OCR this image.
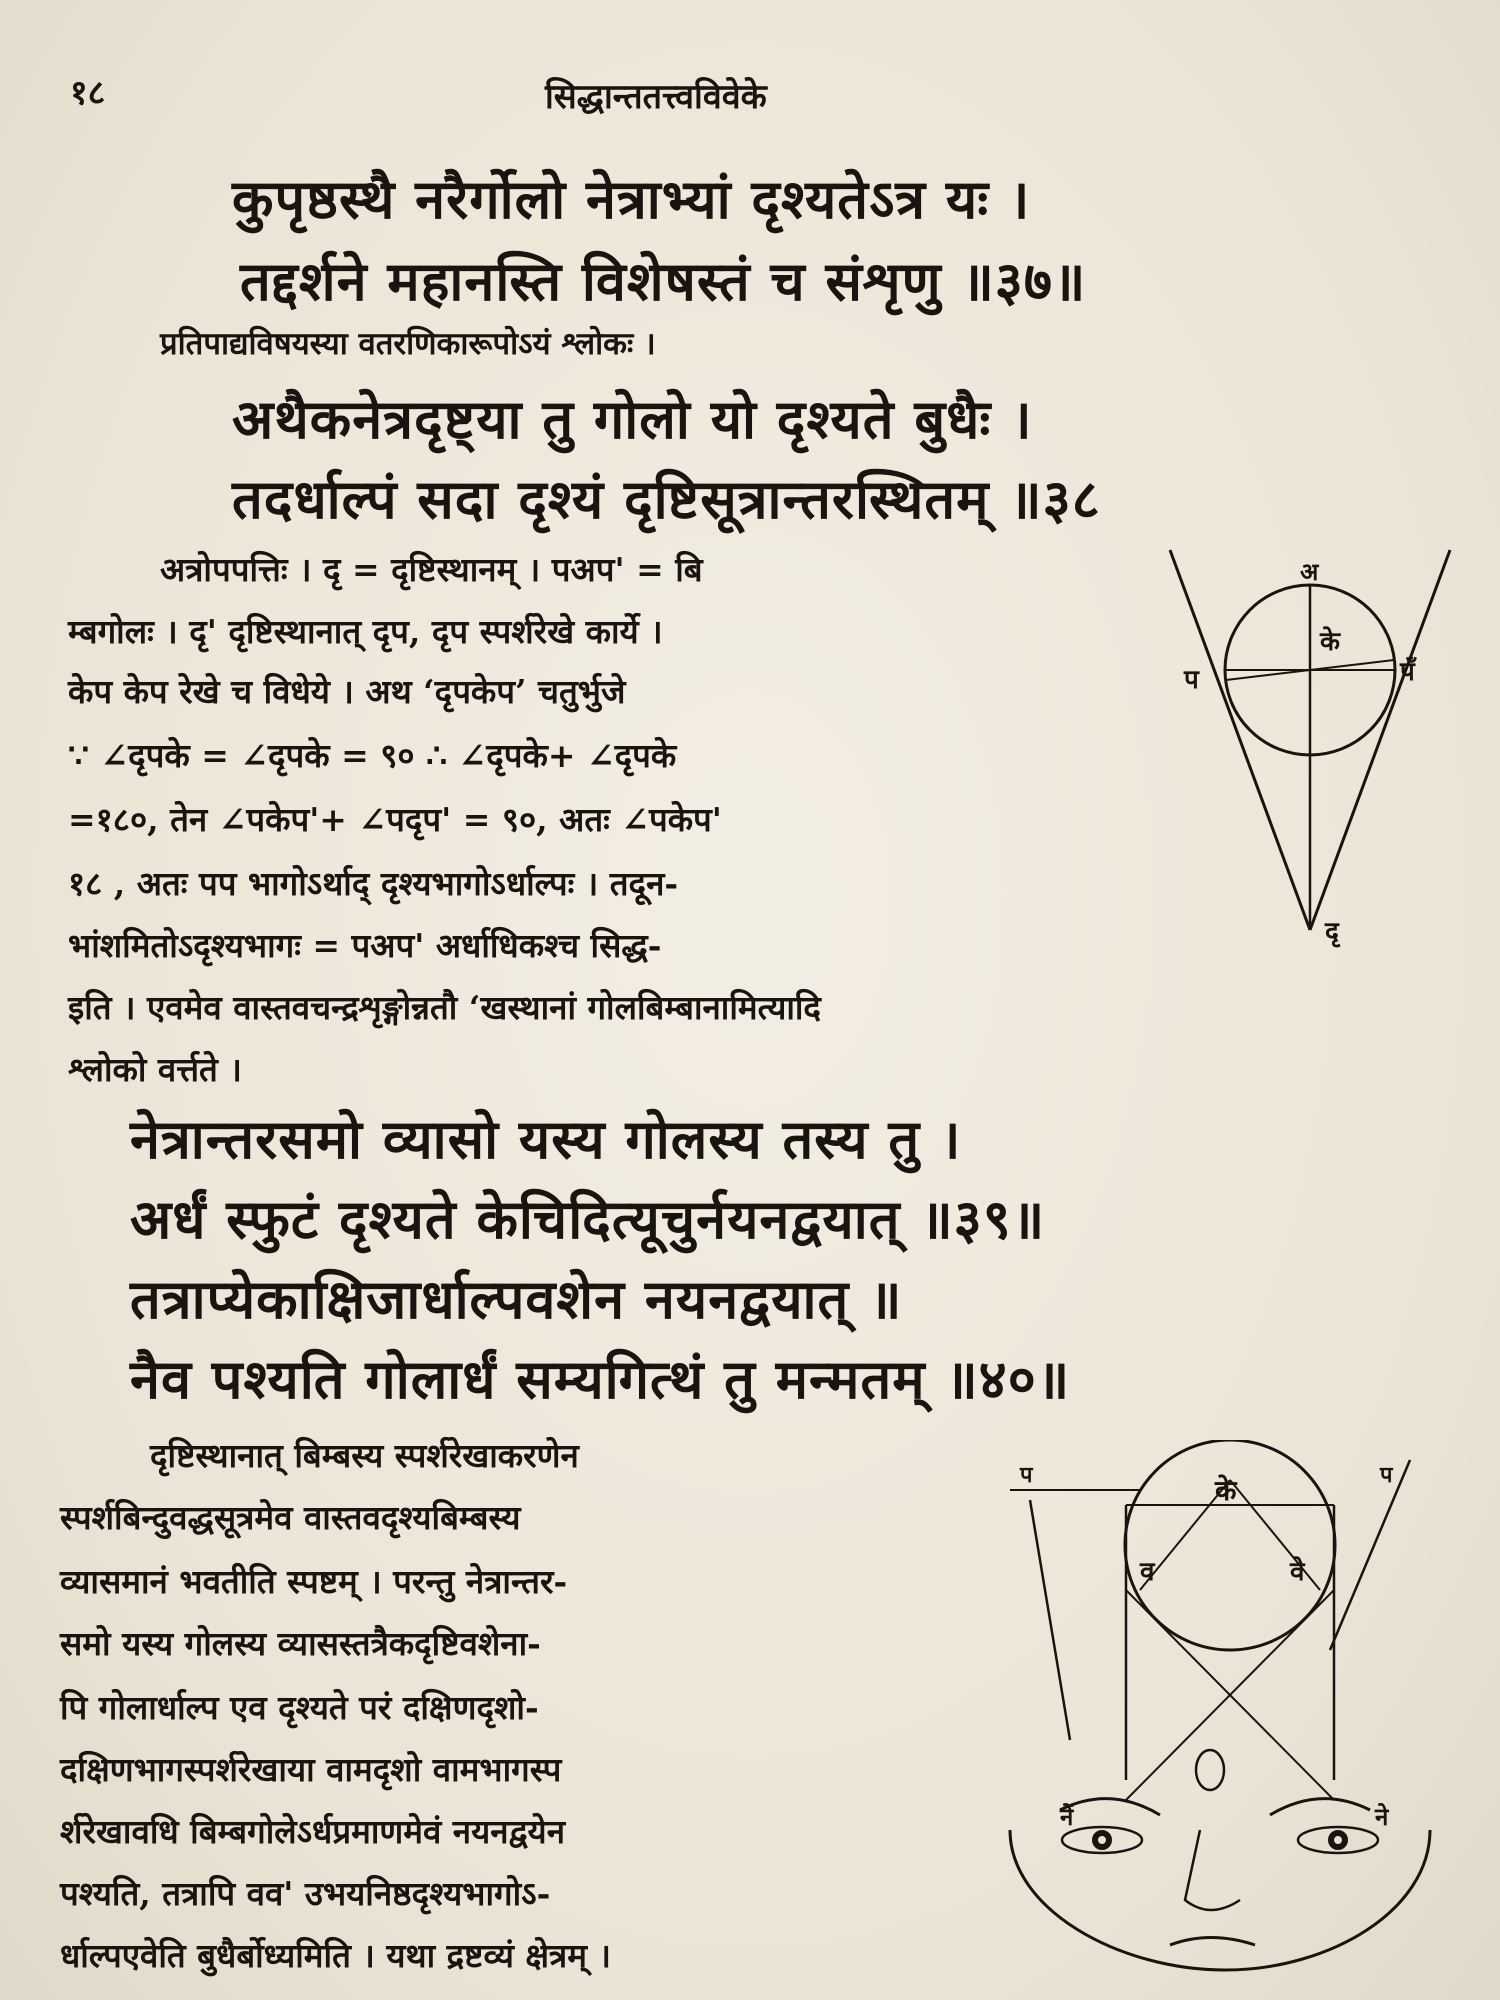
१८	सिद्धान्ततत्त्वविवेके
कुपृष्ठस्थै नरैर्गोलो नेत्राभ्यां दृश्यतेऽत्र यः ।
तद्दर्शने महानस्ति विशेषस्तं च संशृणु ॥३७॥
प्रतिपाद्यविषयस्या वतरणिकारूपोऽयं श्लोकः ।
अथैकनेत्रदृष्ट्या तु गोलो यो दृश्यते बुधैः ।
तदर्धाल्पं सदा दृश्यं दृष्टिसूत्रान्तरस्थितम् ॥३८
अत्रोपपत्तिः । दृ = दृष्टिस्थानम् । पअप' = बि
म्बगोलः । दृ' दृष्टिस्थानात् दृप, दृप स्पर्शरेखे कार्ये ।
केप केप रेखे च विधेये । अथ ‘दृपकेप’ चतुर्भुजे
∵ ∠दृपके = ∠दृपके = ९० ∴ ∠दृपके+ ∠दृपके
=१८०, तेन ∠पकेप'+ ∠पदृप' = ९०, अतः ∠पकेप'
१८ , अतः पप भागोऽर्थाद् दृश्यभागोऽर्धाल्पः । तदून-
भांशमितोऽदृश्यभागः = पअप' अर्धाधिकश्च सिद्ध-
इति । एवमेव वास्तवचन्द्रशृङ्गोन्नतौ ‘खस्थानां गोलबिम्बानामित्यादि
श्लोको वर्त्तते ।
नेत्रान्तरसमो व्यासो यस्य गोलस्य तस्य तु ।
अर्धं स्फुटं दृश्यते केचिदित्यूचुर्नयनद्वयात् ॥३९॥
तत्राप्येकाक्षिजार्धाल्पवशेन नयनद्वयात् ॥
नैव पश्यति गोलार्धं सम्यगित्थं तु मन्मतम् ॥४०॥
दृष्टिस्थानात् बिम्बस्य स्पर्शरेखाकरणेन
स्पर्शबिन्दुवद्धसूत्रमेव वास्तवदृश्यबिम्बस्य
व्यासमानं भवतीति स्पष्टम् । परन्तु नेत्रान्तर-
समो यस्य गोलस्य व्यासस्तत्रैकदृष्टिवशेना-
पि गोलार्धाल्प एव दृश्यते परं दक्षिणदृशो-
दक्षिणभागस्पर्शरेखाया वामदृशो वामभागस्प
र्शरेखावधि बिम्बगोलेऽर्धप्रमाणमेवं नयनद्वयेन
पश्यति, तत्रापि वव' उभयनिष्ठदृश्यभागोऽ-
र्धाल्पएवेति बुधैर्बोध्यमिति । यथा द्रष्टव्यं क्षेत्रम् ।
अ
के
प	पँ
दृ
प	प
के
व	वे
नें	ने
